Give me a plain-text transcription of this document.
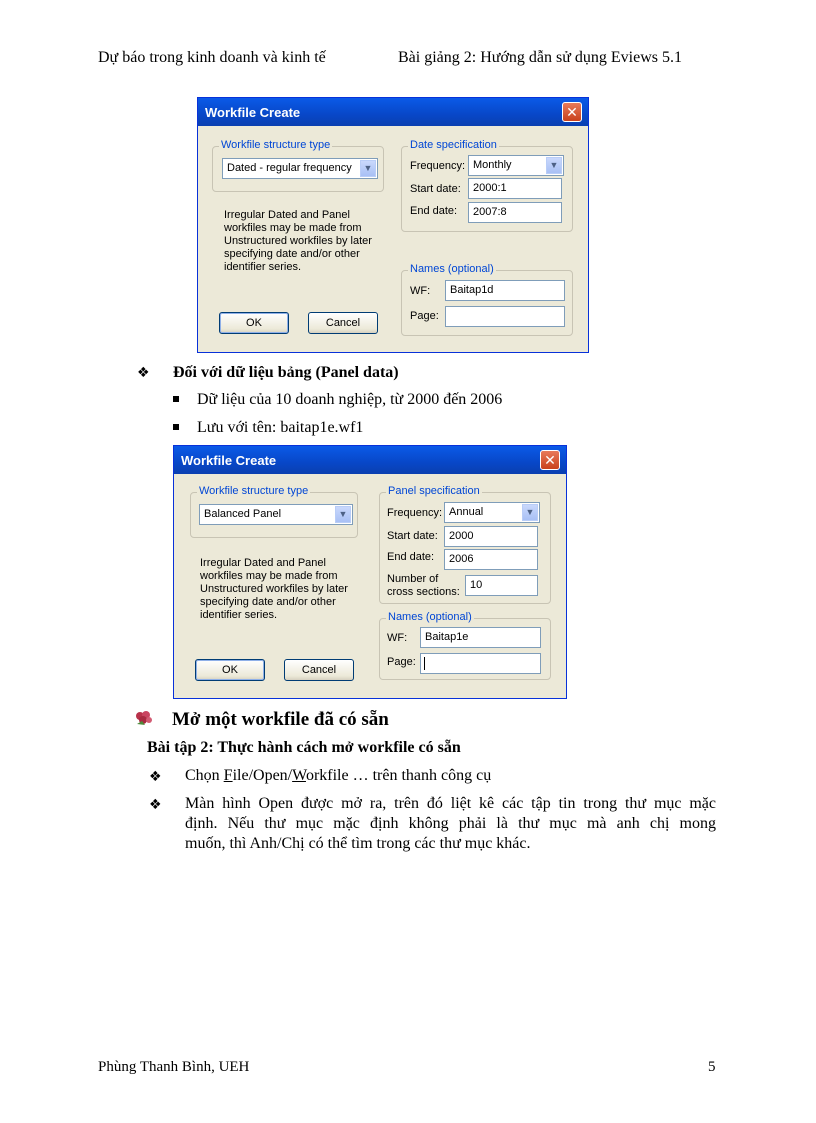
Dự báo trong kinh doanh và kinh tế	Bài giảng 2: Hướng dẫn sử dụng Eviews 5.1
Workfile Create	✕
Workfile structure type
Dated - regular frequency	▼
Irregular Dated and Panel
workfiles may be made from
Unstructured workfiles by later
specifying date and/or other
identifier series.
Date specification
Frequency: Monthly	▼
Start date: 2000:1
End date: 2007:8
Names (optional)
WF: Baitap1d
Page:
OK	Cancel
❖ Đối với dữ liệu bảng (Panel data)
Dữ liệu của 10 doanh nghiệp, từ 2000 đến 2006
Lưu với tên: baitap1e.wf1
Workfile Create	✕
Workfile structure type
Balanced Panel	▼
Irregular Dated and Panel
workfiles may be made from
Unstructured workfiles by later
specifying date and/or other
identifier series.
Panel specification
Frequency: Annual	▼
Start date: 2000
End date: 2006
Number of
cross sections:
10
Names (optional)
WF: Baitap1e
Page:
OK	Cancel
Mở một workfile đã có sẵn
Bài tập 2: Thực hành cách mở workfile có sẵn
❖ Chọn File/Open/Workfile … trên thanh công cụ
❖ Màn hình Open được mở ra, trên đó liệt kê các tập tin trong thư mục mặc
định. Nếu thư mục mặc định không phải là thư mục mà anh chị mong
muốn, thì Anh/Chị có thể tìm trong các thư mục khác.
Phùng Thanh Bình, UEH	5
